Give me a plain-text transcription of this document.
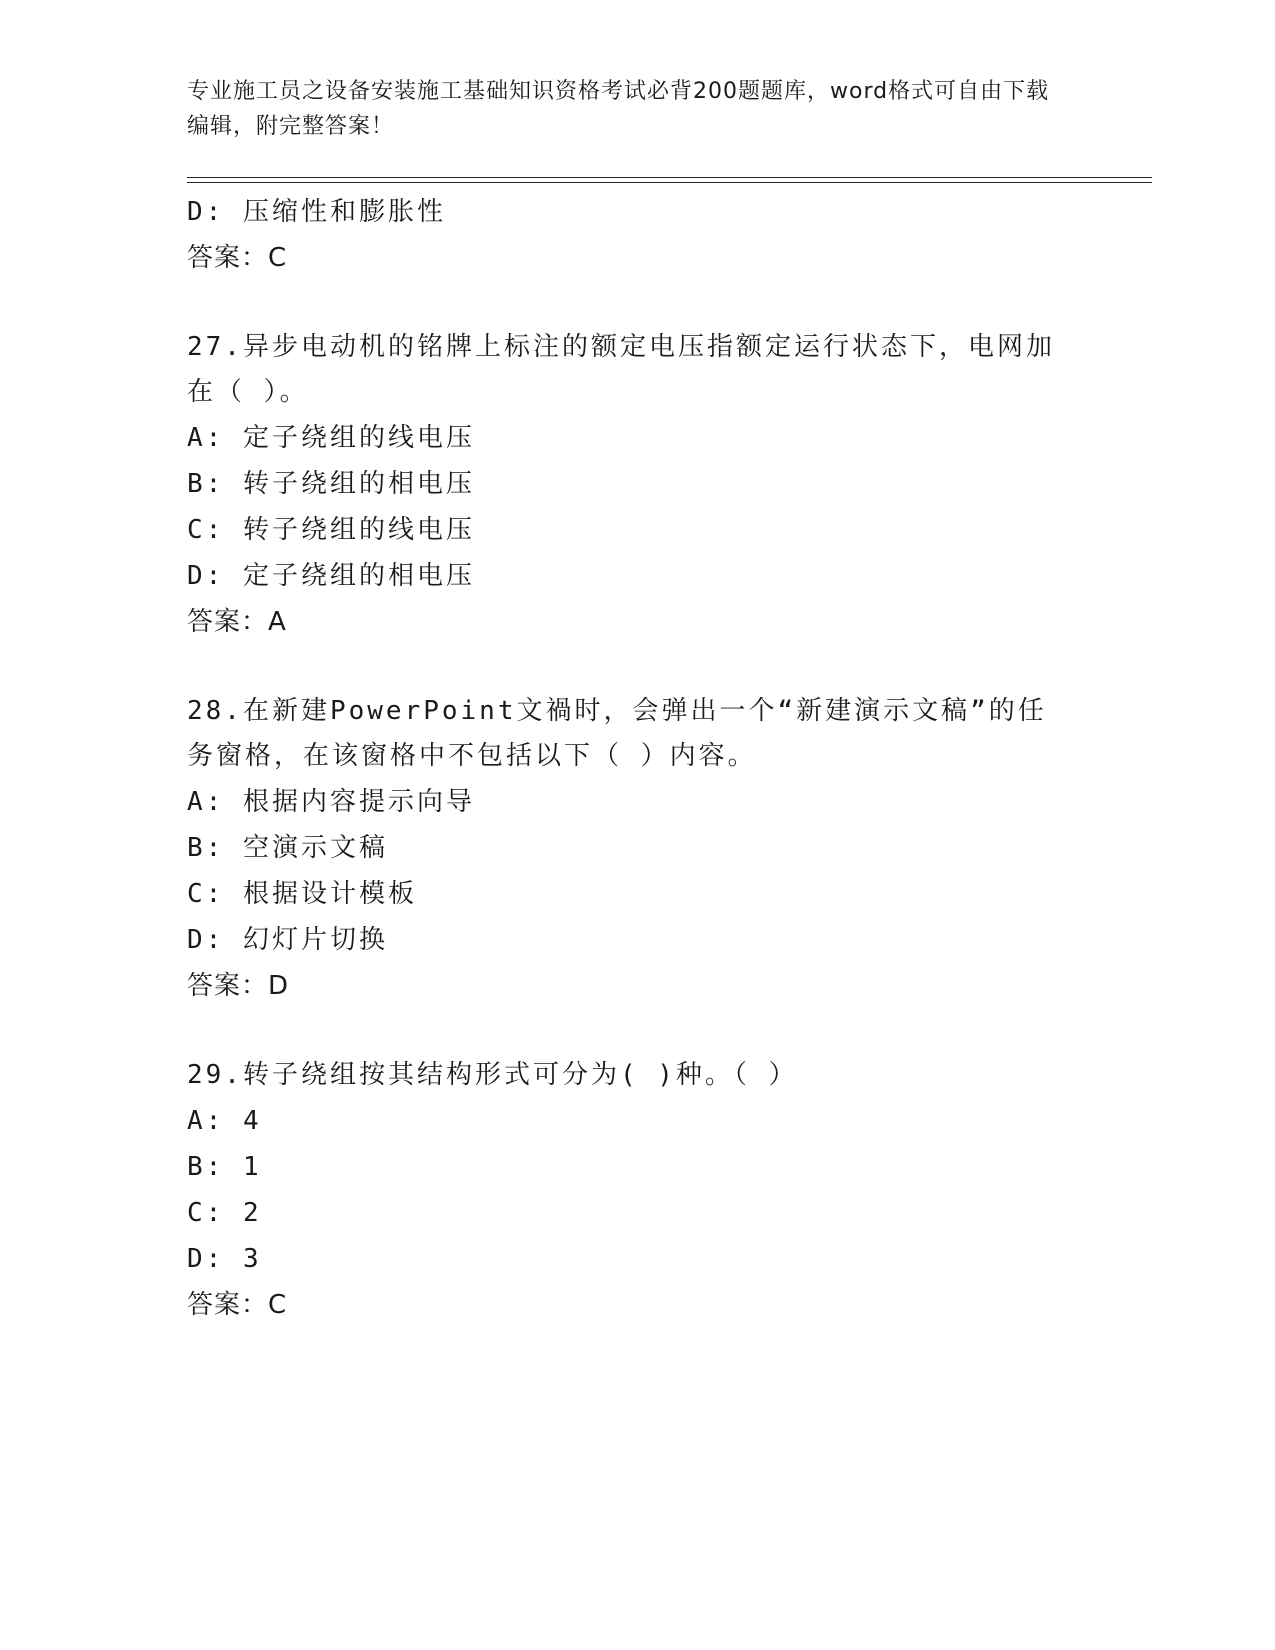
专业施工员之设备安装施工基础知识资格考试必背200题题库，word格式可自由下载编辑，附完整答案！
D: 压缩性和膨胀性
答案：C
27.异步电动机的铭牌上标注的额定电压指额定运行状态下，电网加在（ ）。
A: 定子绕组的线电压
B: 转子绕组的相电压
C: 转子绕组的线电压
D: 定子绕组的相电压
答案：A
28.在新建PowerPoint文禍时，会弹出一个“新建演示文稿”的任务窗格，在该窗格中不包括以下（ ）内容。
A: 根据内容提示向导
B: 空演示文稿
C: 根据设计模板
D: 幻灯片切换
答案：D
29.转子绕组按其结构形式可分为( )种。（ ）
A: 4
B: 1
C: 2
D: 3
答案：C
